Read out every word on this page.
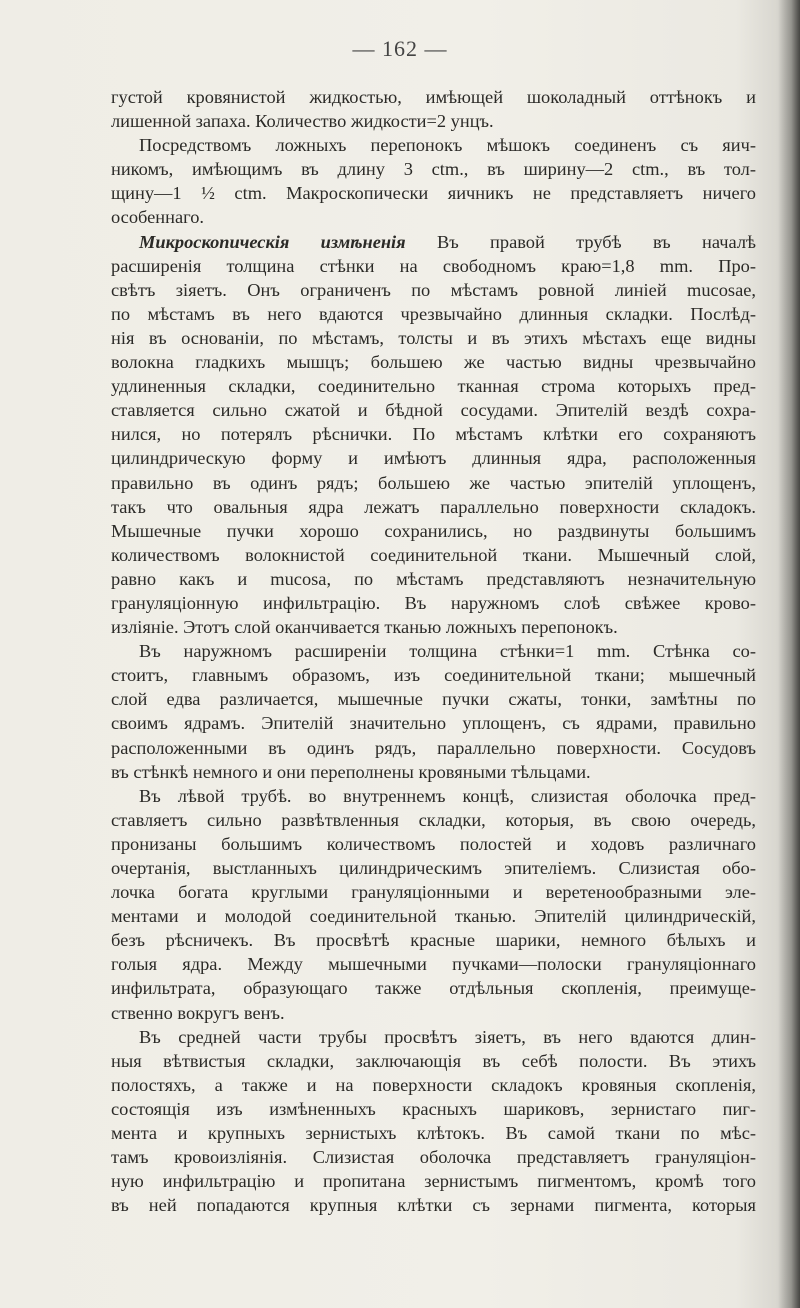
— 162 —
густой кровянистой жидкостью, имѣющей шоколадный оттѣнокъ и
лишенной запаха. Количество жидкости=2 унцъ.
Посредствомъ ложныхъ перепонокъ мѣшокъ соединенъ съ яич-
никомъ, имѣющимъ въ длину 3 ctm., въ ширину—2 ctm., въ тол-
щину—1 ½ ctm. Макроскопически яичникъ не представляетъ ничего
особеннаго.
Микроскопическія измѣненія Въ правой трубѣ въ началѣ
расширенія толщина стѣнки на свободномъ краю=1,8 mm. Про-
свѣтъ зіяетъ. Онъ ограниченъ по мѣстамъ ровной линіей mucosae,
по мѣстамъ въ него вдаются чрезвычайно длинныя складки. Послѣд-
нія въ основаніи, по мѣстамъ, толсты и въ этихъ мѣстахъ еще видны
волокна гладкихъ мышцъ; большею же частью видны чрезвычайно
удлиненныя складки, соединительно тканная строма которыхъ пред-
ставляется сильно сжатой и бѣдной сосудами. Эпителій вездѣ сохра-
нился, но потерялъ рѣснички. По мѣстамъ клѣтки его сохраняютъ
цилиндрическую форму и имѣютъ длинныя ядра, расположенныя
правильно въ одинъ рядъ; большею же частью эпителій уплощенъ,
такъ что овальныя ядра лежатъ параллельно поверхности складокъ.
Мышечные пучки хорошо сохранились, но раздвинуты большимъ
количествомъ волокнистой соединительной ткани. Мышечный слой,
равно какъ и mucosa, по мѣстамъ представляютъ незначительную
грануляціонную инфильтрацію. Въ наружномъ слоѣ свѣжее крово-
изліяніе. Этотъ слой оканчивается тканью ложныхъ перепонокъ.
Въ наружномъ расширеніи толщина стѣнки=1 mm. Стѣнка со-
стоитъ, главнымъ образомъ, изъ соединительной ткани; мышечный
слой едва различается, мышечные пучки сжаты, тонки, замѣтны по
своимъ ядрамъ. Эпителій значительно уплощенъ, съ ядрами, правильно
расположенными въ одинъ рядъ, параллельно поверхности. Сосудовъ
въ стѣнкѣ немного и они переполнены кровяными тѣльцами.
Въ лѣвой трубѣ. во внутреннемъ концѣ, слизистая оболочка пред-
ставляетъ сильно развѣтвленныя складки, которыя, въ свою очередь,
пронизаны большимъ количествомъ полостей и ходовъ различнаго
очертанія, выстланныхъ цилиндрическимъ эпителіемъ. Слизистая обо-
лочка богата круглыми грануляціонными и веретенообразными эле-
ментами и молодой соединительной тканью. Эпителій цилиндрическій,
безъ рѣсничекъ. Въ просвѣтѣ красные шарики, немного бѣлыхъ и
голыя ядра. Между мышечными пучками—полоски грануляціоннаго
инфильтрата, образующаго также отдѣльныя скопленія, преимуще-
ственно вокругъ венъ.
Въ средней части трубы просвѣтъ зіяетъ, въ него вдаются длин-
ныя вѣтвистыя складки, заключающія въ себѣ полости. Въ этихъ
полостяхъ, а также и на поверхности складокъ кровяныя скопленія,
состоящія изъ измѣненныхъ красныхъ шариковъ, зернистаго пиг-
мента и крупныхъ зернистыхъ клѣтокъ. Въ самой ткани по мѣс-
тамъ кровоизліянія. Слизистая оболочка представляетъ грануляціон-
ную инфильтрацію и пропитана зернистымъ пигментомъ, кромѣ того
въ ней попадаются крупныя клѣтки съ зернами пигмента, которыя
